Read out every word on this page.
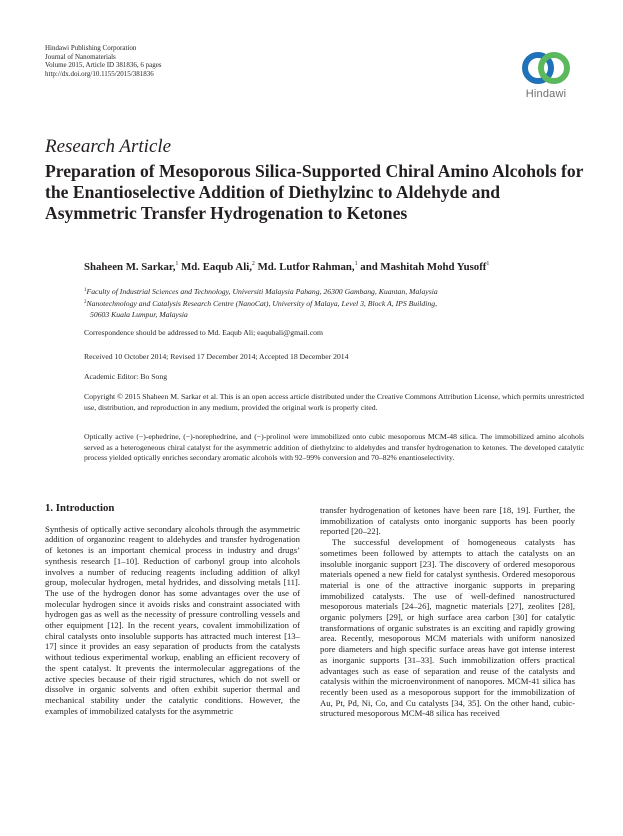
Hindawi Publishing Corporation
Journal of Nanomaterials
Volume 2015, Article ID 381836, 6 pages
http://dx.doi.org/10.1155/2015/381836
Hindawi
Research Article
Preparation of Mesoporous Silica-Supported Chiral Amino Alcohols for the Enantioselective Addition of Diethylzinc to Aldehyde and Asymmetric Transfer Hydrogenation to Ketones
Shaheen M. Sarkar,$^1$ Md. Eaqub Ali,$^2$ Md. Lutfor Rahman,$^1$ and Mashitah Mohd Yusoff$^1$
$^1$Faculty of Industrial Sciences and Technology, Universiti Malaysia Pahang, 26300 Gambang, Kuantan, Malaysia
$^2$Nanotechnology and Catalysis Research Centre (NanoCat), University of Malaya, Level 3, Block A, IPS Building,
50603 Kuala Lumpur, Malaysia
Correspondence should be addressed to Md. Eaqub Ali; eaqubali@gmail.com
Received 10 October 2014; Revised 17 December 2014; Accepted 18 December 2014
Academic Editor: Bo Song
Copyright © 2015 Shaheen M. Sarkar et al. This is an open access article distributed under the Creative Commons Attribution License, which permits unrestricted use, distribution, and reproduction in any medium, provided the original work is properly cited.
Optically active (−)-ephedrine, (−)-norephedrine, and (−)-prolinol were immobilized onto cubic mesoporous MCM-48 silica. The immobilized amino alcohols served as a heterogeneous chiral catalyst for the asymmetric addition of diethylzinc to aldehydes and transfer hydrogenation to ketones. The developed catalytic process yielded optically enriches secondary aromatic alcohols with 92–99% conversion and 70–82% enantioselectivity.
1. Introduction

Synthesis of optically active secondary alcohols through the asymmetric addition of organozinc reagent to aldehydes and transfer hydrogenation of ketones is an important chemical process in industry and drugs’ synthesis research [1–10]. Reduction of carbonyl group into alcohols involves a number of reducing reagents including addition of alkyl group, molecular hydrogen, metal hydrides, and dissolving metals [11]. The use of the hydrogen donor has some advantages over the use of molecular hydrogen since it avoids risks and constraint associated with hydrogen gas as well as the necessity of pressure controlling vessels and other equipment [12]. In the recent years, covalent immobilization of chiral catalysts onto insoluble supports has attracted much interest [13–17] since it provides an easy separation of products from the catalysts without tedious experimental workup, enabling an efficient recovery of the spent catalyst. It prevents the intermolecular aggregations of the active species because of their rigid structures, which do not swell or dissolve in organic solvents and often exhibit superior thermal and mechanical stability under the catalytic conditions. However, the examples of immobilized catalysts for the asymmetric

transfer hydrogenation of ketones have been rare [18, 19]. Further, the immobilization of catalysts onto inorganic supports has been poorly reported [20–22].

The successful development of homogeneous catalysts has sometimes been followed by attempts to attach the catalysts on an insoluble inorganic support [23]. The discovery of ordered mesoporous materials opened a new field for catalyst synthesis. Ordered mesoporous material is one of the attractive inorganic supports in preparing immobilized catalysts. The use of well-defined nanostructured mesoporous materials [24–26], magnetic materials [27], zeolites [28], organic polymers [29], or high surface area carbon [30] for catalytic transformations of organic substrates is an exciting and rapidly growing area. Recently, mesoporous MCM materials with uniform nanosized pore diameters and high specific surface areas have got intense interest as inorganic supports [31–33]. Such immobilization offers practical advantages such as ease of separation and reuse of the catalysts and catalysis within the microenvironment of nanopores. MCM-41 silica has recently been used as a mesoporous support for the immobilization of Au, Pt, Pd, Ni, Co, and Cu catalysts [34, 35]. On the other hand, cubic-structured mesoporous MCM-48 silica has received
